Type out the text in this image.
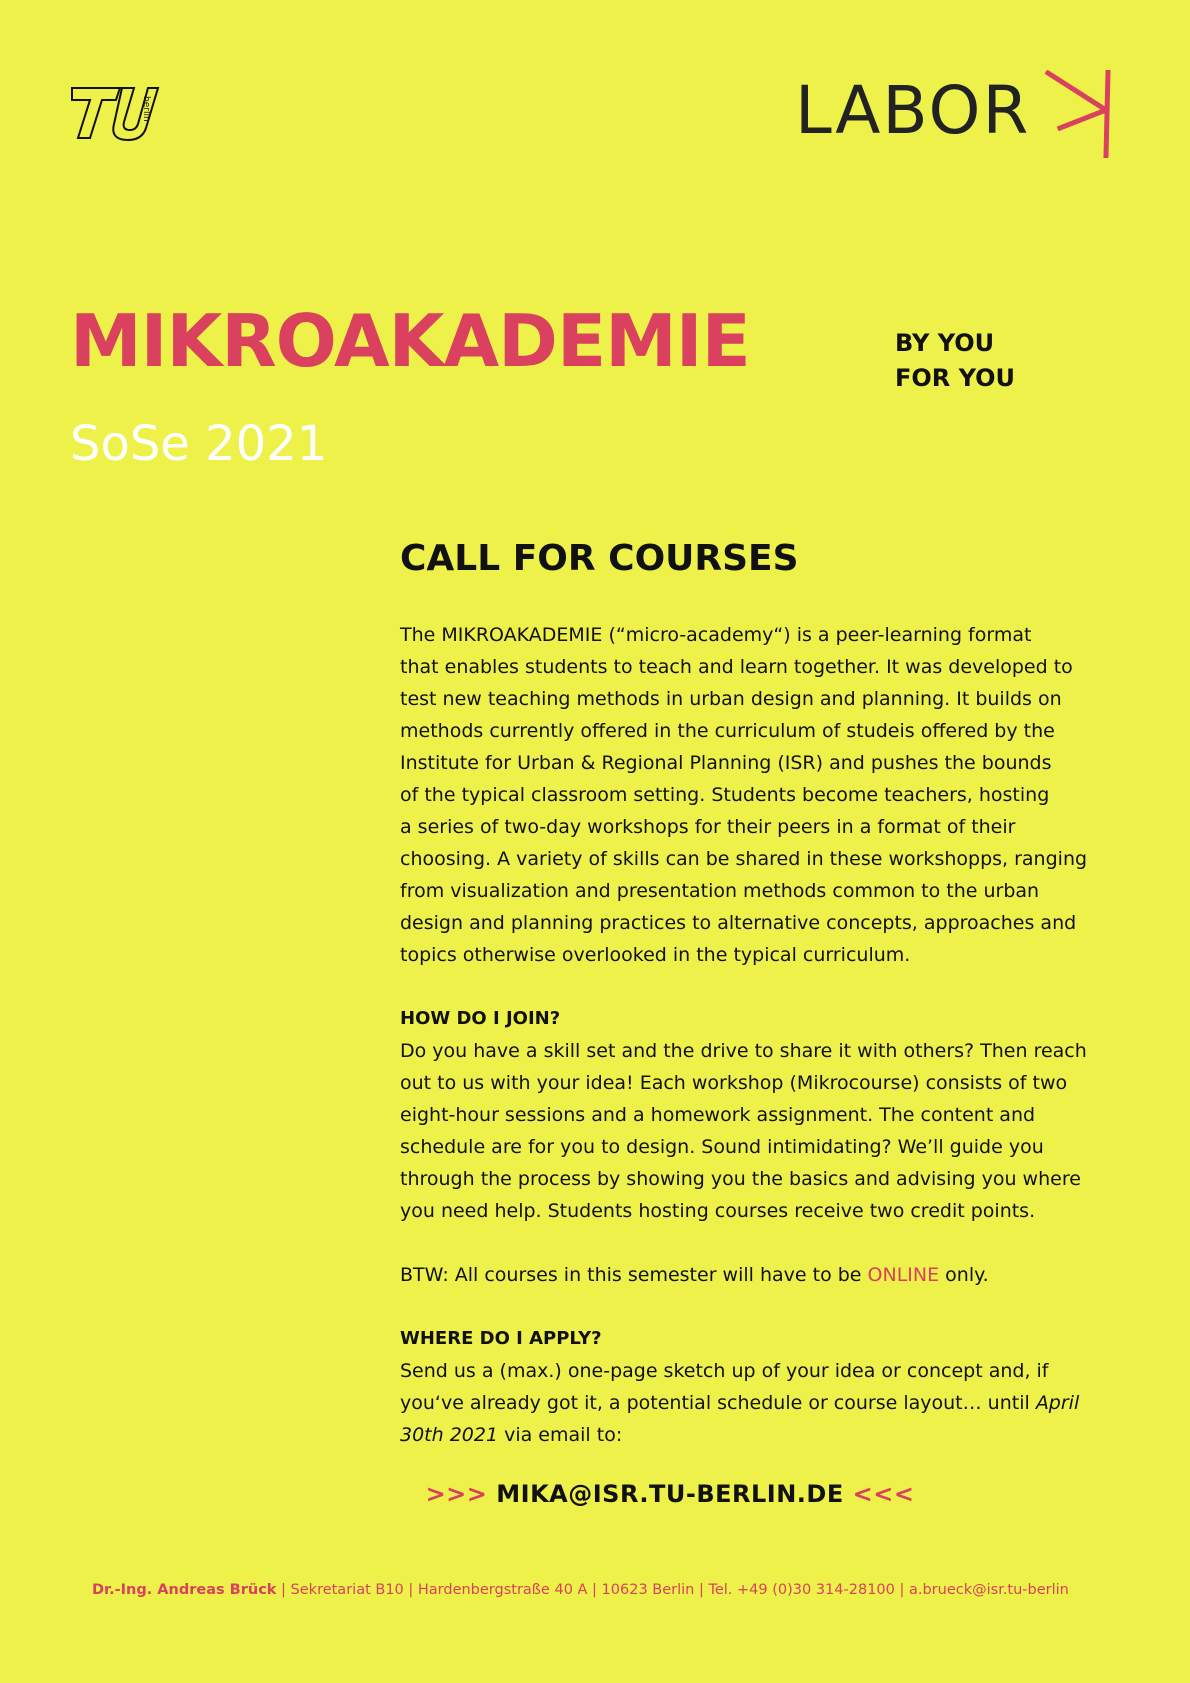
berlin	LABOR
MIKROAKADEMIE	BY YOU
FOR YOU
SoSe 2021
CALL FOR COURSES

The MIKROAKADEMIE (“micro-academy“) is a peer-learning format
that enables students to teach and learn together. It was developed to
test new teaching methods in urban design and planning. It builds on
methods currently offered in the curriculum of studeis offered by the
Institute for Urban & Regional Planning (ISR) and pushes the bounds
of the typical classroom setting. Students become teachers, hosting
a series of two-day workshops for their peers in a format of their
choosing. A variety of skills can be shared in these workshopps, ranging
from visualization and presentation methods common to the urban
design and planning practices to alternative concepts, approaches and
topics otherwise overlooked in the typical curriculum.

HOW DO I JOIN?

Do you have a skill set and the drive to share it with others? Then reach
out to us with your idea! Each workshop (Mikrocourse) consists of two
eight-hour sessions and a homework assignment. The content and
schedule are for you to design. Sound intimidating? We’ll guide you
through the process by showing you the basics and advising you where
you need help. Students hosting courses receive two credit points.

BTW: All courses in this semester will have to be ONLINE only.

WHERE DO I APPLY?

Send us a (max.) one-page sketch up of your idea or concept and, if
you‘ve already got it, a potential schedule or course layout… until April
30th 2021 via email to:

>>> MIKA@ISR.TU-BERLIN.DE <<<
Dr.-Ing. Andreas Brück | Sekretariat B10 | Hardenbergstraße 40 A | 10623 Berlin | Tel. +49 (0)30 314-28100 | a.brueck@isr.tu-berlin
